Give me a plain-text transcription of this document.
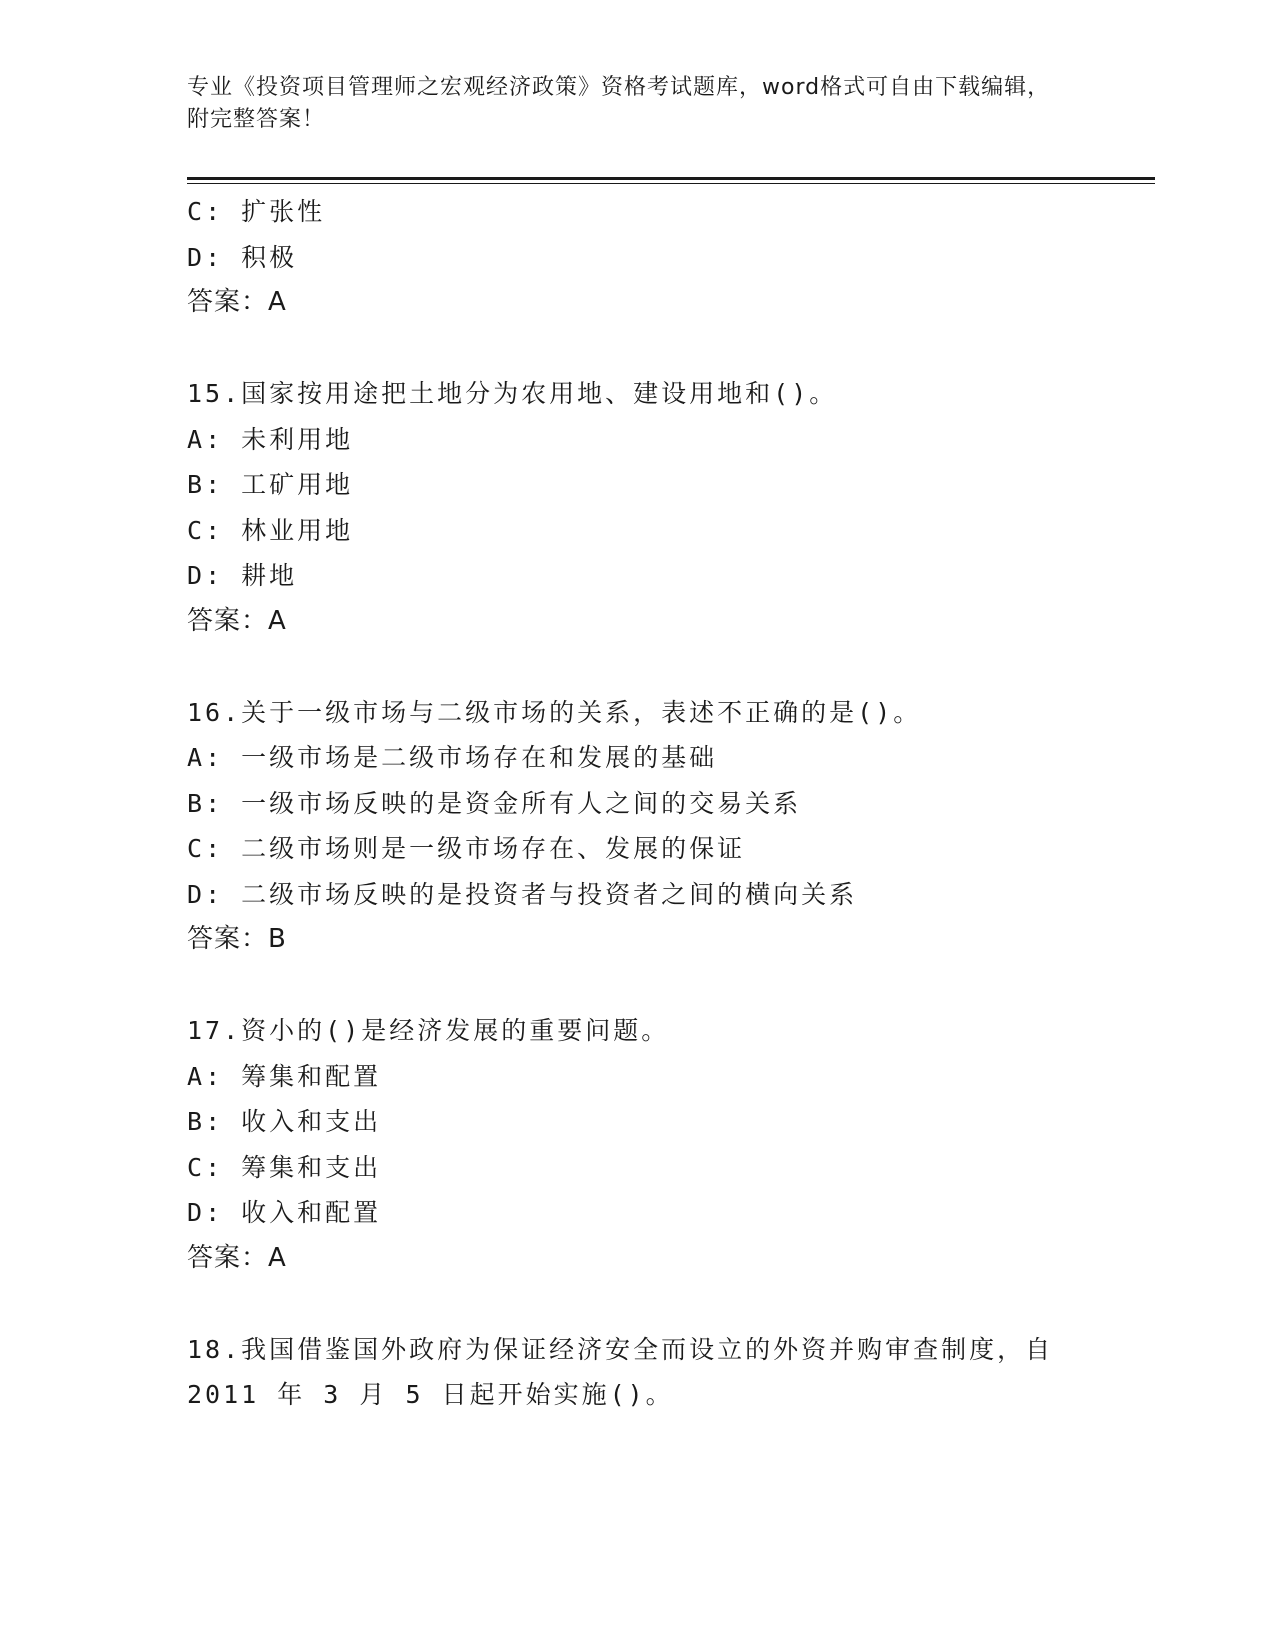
专业《投资项目管理师之宏观经济政策》资格考试题库，word格式可自由下载编辑，附完整答案！
C: 扩张性
D: 积极
答案：A
15.国家按用途把土地分为农用地、建设用地和()。
A: 未利用地
B: 工矿用地
C: 林业用地
D: 耕地
答案：A
16.关于一级市场与二级市场的关系，表述不正确的是()。
A: 一级市场是二级市场存在和发展的基础
B: 一级市场反映的是资金所有人之间的交易关系
C: 二级市场则是一级市场存在、发展的保证
D: 二级市场反映的是投资者与投资者之间的横向关系
答案：B
17.资小的()是经济发展的重要问题。
A: 筹集和配置
B: 收入和支出
C: 筹集和支出
D: 收入和配置
答案：A
18.我国借鉴国外政府为保证经济安全而设立的外资并购审查制度，自
2011 年 3 月 5 日起开始实施()。
